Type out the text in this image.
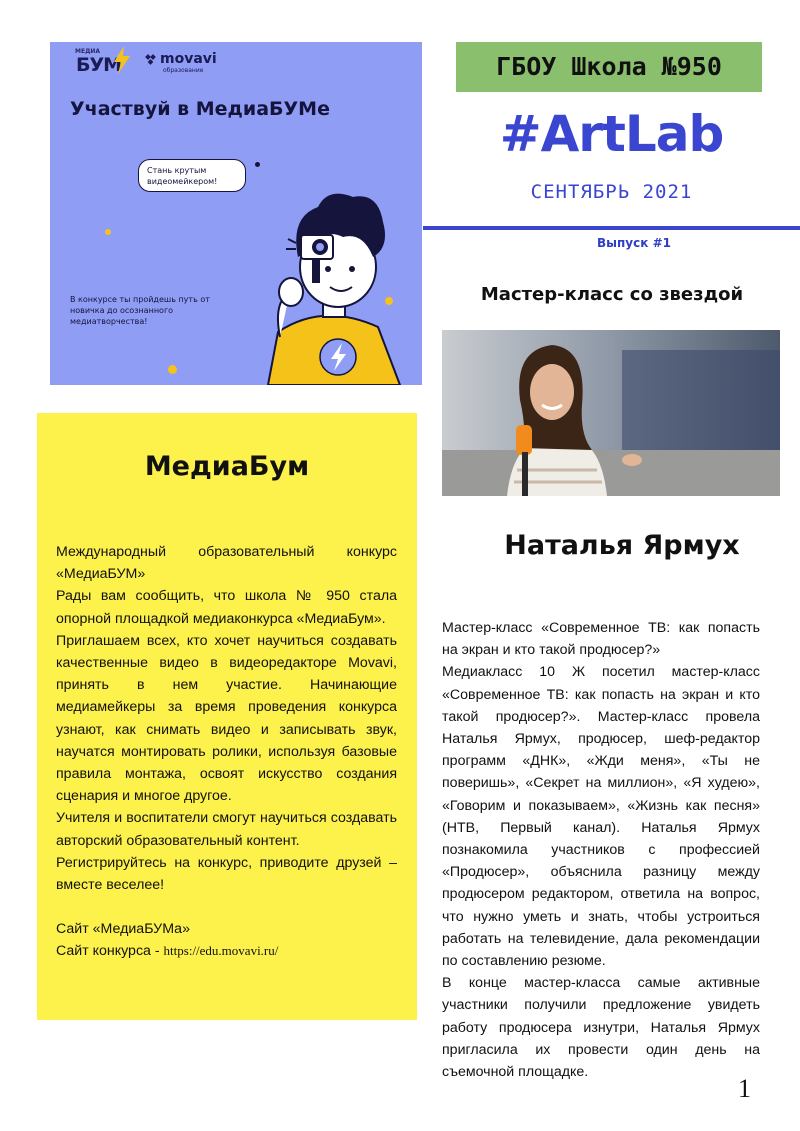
МЕДИА
БУМ	movavi
образование
Участвуй в МедиаБУМе
Стань крутым видеомейкером!
В конкурсе ты пройдешь путь от новичка до осознанного медиатворчества!
ГБОУ Школа №950
#ArtLab
СЕНТЯБРЬ 2021
Выпуск #1
Мастер-класс со звездой
Наталья Ярмух

Мастер-класс «Современное ТВ: как попасть на экран и кто такой продюсер?»

Медиакласс 10 Ж посетил мастер-класс «Современное ТВ: как попасть на экран и кто такой продюсер?». Мастер-класс провела Наталья Ярмух, продюсер, шеф-редактор программ «ДНК», «Жди меня», «Ты не поверишь», «Секрет на миллион», «Я худею», «Говорим и показываем», «Жизнь как песня» (НТВ, Первый канал). Наталья Ярмух познакомила участников с профессией «Продюсер», объяснила разницу между продюсером редактором, ответила на вопрос, что нужно уметь и знать, чтобы устроиться работать на телевидение, дала рекомендации по составлению резюме.

В конце мастер-класса самые активные участники получили предложение увидеть работу продюсера изнутри, Наталья Ярмух пригласила их провести один день на съемочной площадке.

МедиаБум

Международный образовательный конкурс «МедиаБУМ»

Рады вам сообщить, что школа № 950 стала опорной площадкой медиаконкурса «МедиаБум».

Приглашаем всех, кто хочет научиться создавать качественные видео в видеоредакторе Movavi, принять в нем участие. Начинающие медиамейкеры за время проведения конкурса узнают, как снимать видео и записывать звук, научатся монтировать ролики, используя базовые правила монтажа, освоят искусство создания сценария и многое другое.

Учителя и воспитатели смогут научиться создавать авторский образовательный контент.

Регистрируйтесь на конкурс, приводите друзей – вместе веселее!

Сайт «МедиаБУМа»

Сайт конкурса - https://edu.movavi.ru/

1
